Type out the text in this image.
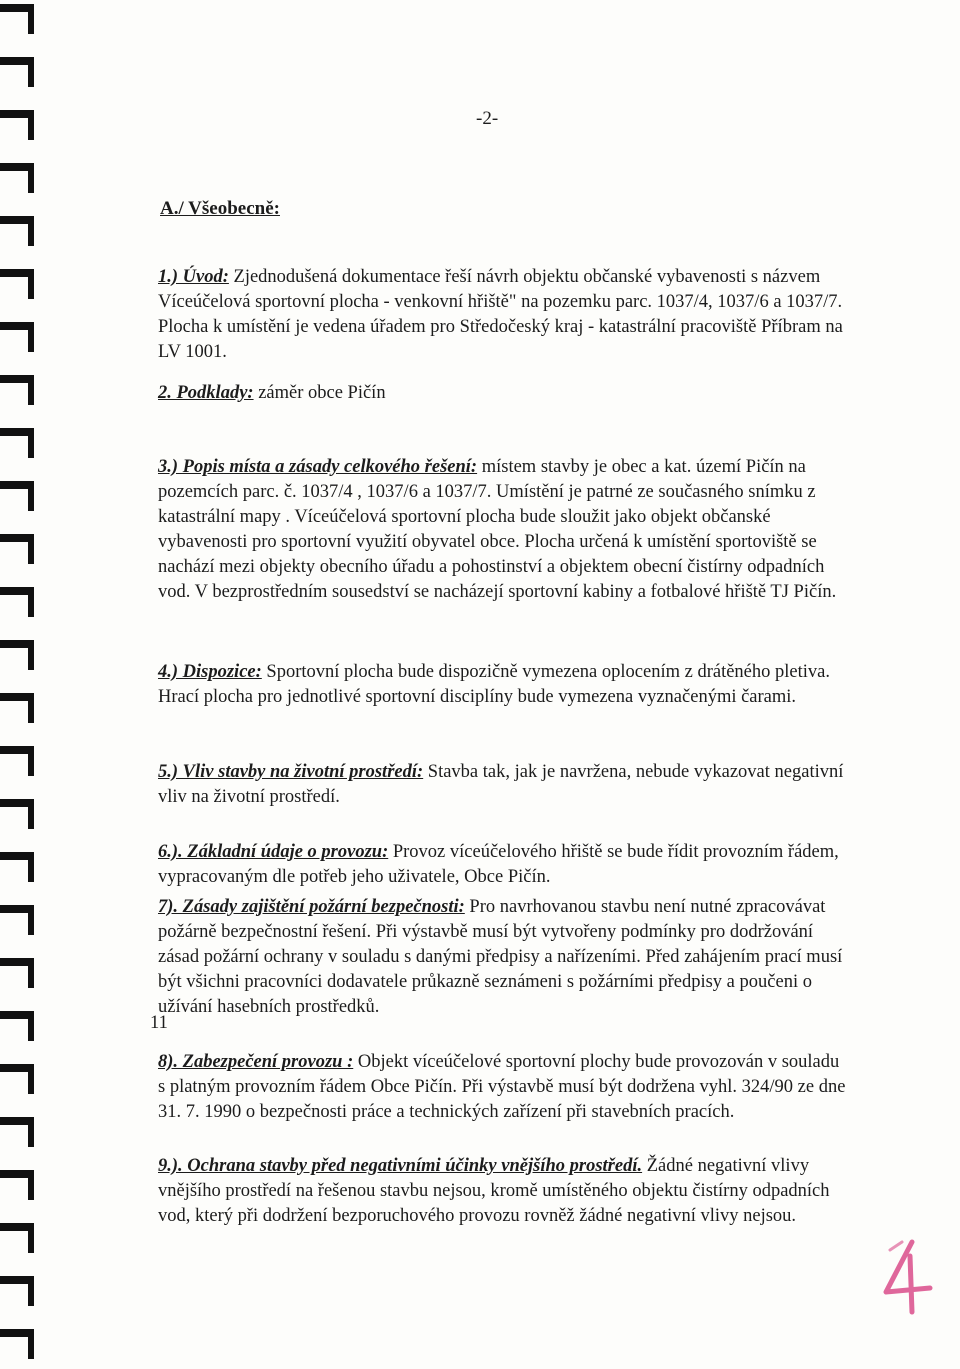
-2-
A./ Všeobecně:

1.) Úvod: Zjednodušená dokumentace řeší návrh objektu občanské vybavenosti s názvem Víceúčelová sportovní plocha - venkovní hřiště" na pozemku parc. 1037/4, 1037/6 a 1037/7. Plocha k umístění je vedena úřadem pro Středočeský kraj - katastrální pracoviště Příbram na LV 1001.

2. Podklady: záměr obce Pičín

3.) Popis místa a zásady celkového řešení: místem stavby je obec a kat. území Pičín na pozemcích parc. č. 1037/4 , 1037/6 a 1037/7. Umístění je patrné ze současného snímku z katastrální mapy . Víceúčelová sportovní plocha bude sloužit jako objekt občanské vybavenosti pro sportovní využití obyvatel obce. Plocha určená k umístění sportoviště se nachází mezi objekty obecního úřadu a pohostinství a objektem obecní čistírny odpadních vod. V bezprostředním sousedství se nacházejí sportovní kabiny a fotbalové hřiště TJ Pičín.

4.) Dispozice: Sportovní plocha bude dispozičně vymezena oplocením z drátěného pletiva. Hrací plocha pro jednotlivé sportovní disciplíny bude vymezena vyznačenými čarami.

5.) Vliv stavby na životní prostředí: Stavba tak, jak je navržena, nebude vykazovat negativní vliv na životní prostředí.

6.). Základní údaje o provozu: Provoz víceúčelového hřiště se bude řídit provozním řádem, vypracovaným dle potřeb jeho uživatele, Obce Pičín.

7). Zásady zajištění požární bezpečnosti: Pro navrhovanou stavbu není nutné zpracovávat požárně bezpečnostní řešení. Při výstavbě musí být vytvořeny podmínky pro dodržování zásad požární ochrany v souladu s danými předpisy a nařízeními. Před zahájením prací musí být všichni pracovníci dodavatele průkazně seznámeni s požárními předpisy a poučeni o užívání hasebních prostředků.

11

8). Zabezpečení provozu : Objekt víceúčelové sportovní plochy bude provozován v souladu s platným provozním řádem Obce Pičín. Při výstavbě musí být dodržena vyhl. 324/90 ze dne 31. 7. 1990 o bezpečnosti práce a technických zařízení při stavebních pracích.

9.). Ochrana stavby před negativními účinky vnějšího prostředí. Žádné negativní vlivy vnějšího prostředí na řešenou stavbu nejsou, kromě umístěného objektu čistírny odpadních vod, který při dodržení bezporuchového provozu rovněž žádné negativní vlivy nejsou.
